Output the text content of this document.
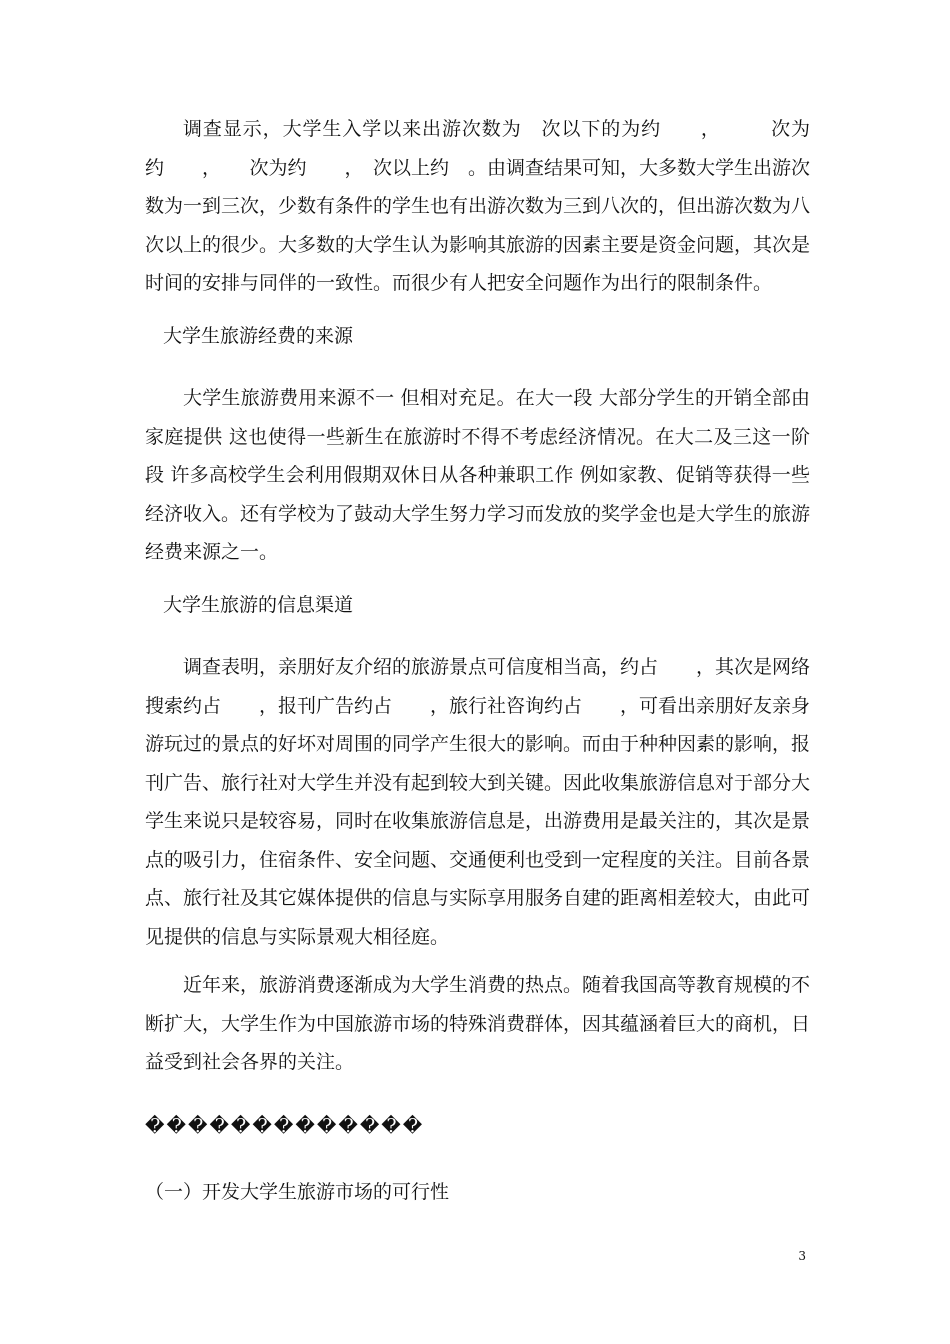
调查显示，大学生入学以来出游次数为　次以下的为约　　，　　　次为约　　，　　次为约　　，　次以上约　。由调查结果可知，大多数大学生出游次数为一到三次，少数有条件的学生也有出游次数为三到八次的，但出游次数为八次以上的很少。大多数的大学生认为影响其旅游的因素主要是资金问题，其次是时间的安排与同伴的一致性。而很少有人把安全问题作为出行的限制条件。

大学生旅游经费的来源

大学生旅游费用来源不一 但相对充足。在大一段 大部分学生的开销全部由家庭提供 这也使得一些新生在旅游时不得不考虑经济情况。在大二及三这一阶段 许多高校学生会利用假期双休日从各种兼职工作 例如家教、促销等获得一些经济收入。还有学校为了鼓动大学生努力学习而发放的奖学金也是大学生的旅游经费来源之一。

大学生旅游的信息渠道

调查表明，亲朋好友介绍的旅游景点可信度相当高，约占　　，其次是网络搜索约占　　，报刊广告约占　　，旅行社咨询约占　　，可看出亲朋好友亲身游玩过的景点的好坏对周围的同学产生很大的影响。而由于种种因素的影响，报刊广告、旅行社对大学生并没有起到较大到关键。因此收集旅游信息对于部分大学生来说只是较容易，同时在收集旅游信息是，出游费用是最关注的，其次是景点的吸引力，住宿条件、安全问题、交通便利也受到一定程度的关注。目前各景点、旅行社及其它媒体提供的信息与实际享用服务自建的距离相差较大，由此可见提供的信息与实际景观大相径庭。

近年来，旅游消费逐渐成为大学生消费的热点。随着我国高等教育规模的不断扩大，大学生作为中国旅游市场的特殊消费群体，因其蕴涵着巨大的商机，日益受到社会各界的关注。

�������������

（一）开发大学生旅游市场的可行性

3
